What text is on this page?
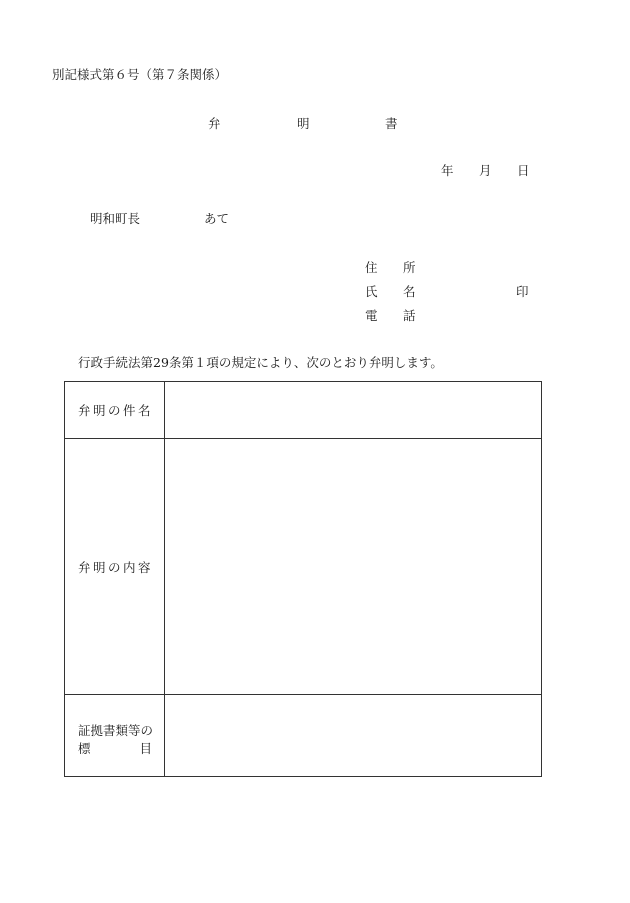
別記様式第６号（第７条関係）
弁	明	書
年 月 日
明和町長	あて
住 所
氏 名	印
電 話
行政手続法第29条第１項の規定により、次のとおり弁明します。
弁明の件名
弁明の内容
証拠書類等の
標	目
